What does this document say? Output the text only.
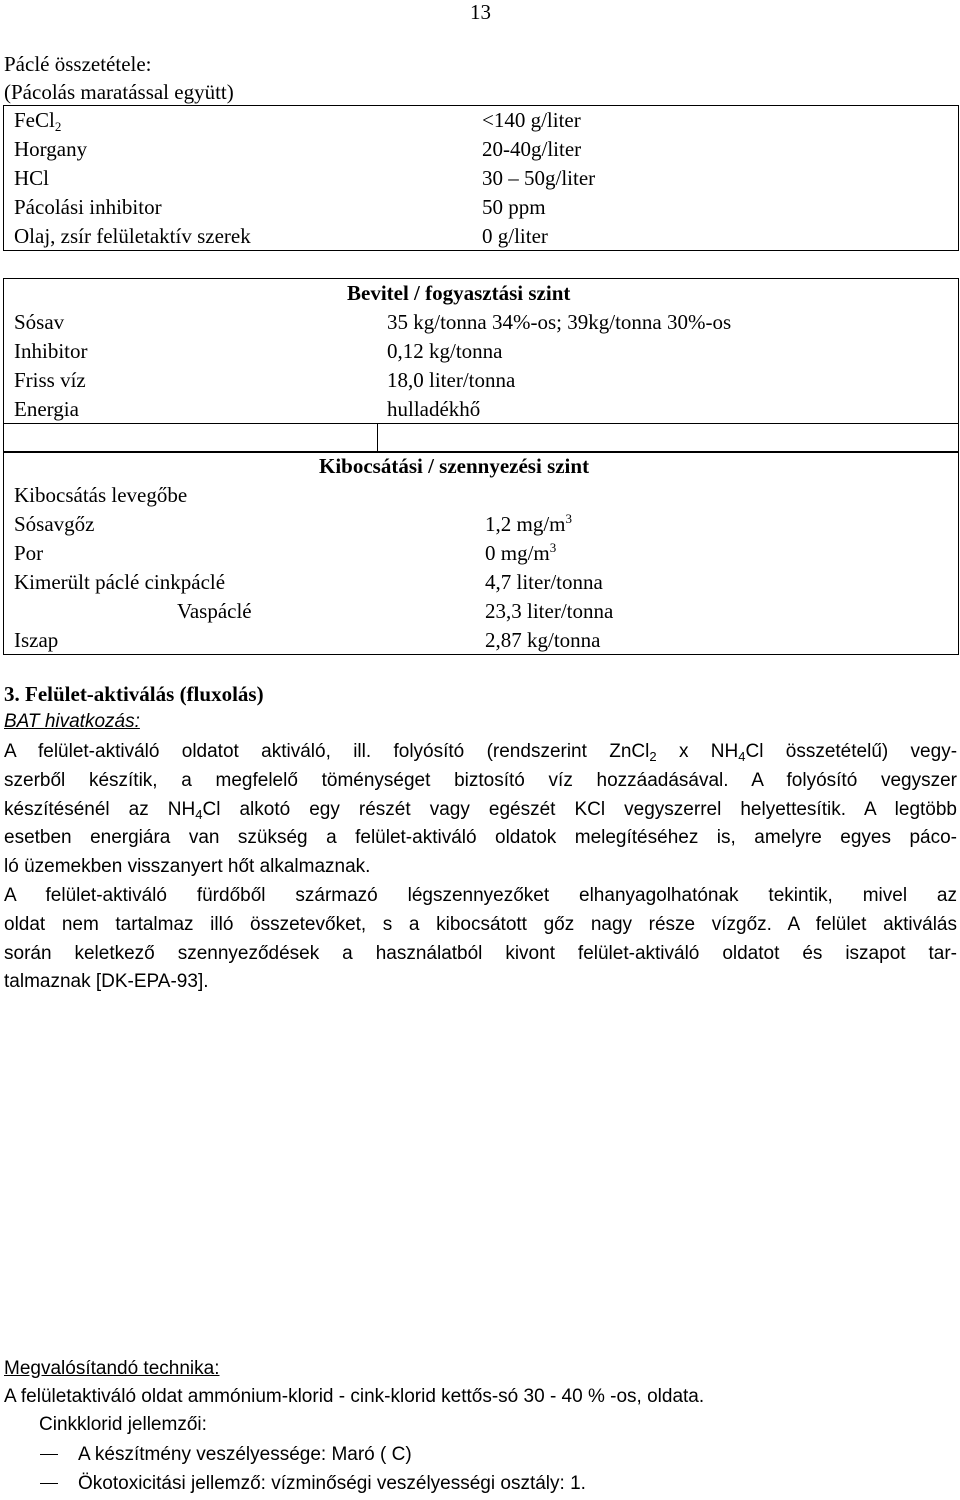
13
Páclé összetétele:
(Pácolás maratással együtt)
FeCl$_2$	<140 g/liter
Horgany	20-40g/liter
HCl	30 – 50g/liter
Pácolási inhibitor	50 ppm
Olaj, zsír felületaktív szerek	0 g/liter
	Bevitel / fogyasztási szint
Sósav	35 kg/tonna 34%-os; 39kg/tonna 30%-os
Inhibitor	0,12 kg/tonna
Friss víz	18,0 liter/tonna
Energia	hulladékhő

	Kibocsátási / szennyezési szint
Kibocsátás levegőbe	
Sósavgőz	1,2 $mg/m^3$
Por	0 $mg/m^3$
Kimerült páclé cinkpáclé	4,7 liter/tonna
Vaspáclé	23,3 liter/tonna
Iszap	2,87 kg/tonna
3. Felület-aktiválás (fluxolás)
BAT hivatkozás:
A felület-aktiváló oldatot aktiváló, ill. folyósító (rendszerint ZnCl$_2$ x $NH_4Cl$ összetételű) vegy-
szerből készítik, a megfelelő töménységet biztosító víz hozzáadásával. A folyósító vegyszer
készítésénél az $NH_4Cl$ alkotó egy részét vagy egészét KCl vegyszerrel helyettesítik. A legtöbb
esetben energiára van szükség a felület-aktiváló oldatok melegítéséhez is, amelyre egyes páco-
ló üzemekben visszanyert hőt alkalmaznak.
A felület-aktiváló fürdőből származó légszennyezőket elhanyagolhatónak tekintik, mivel az
oldat nem tartalmaz illó összetevőket, s a kibocsátott gőz nagy része vízgőz. A felület aktiválás
során keletkező szennyeződések a használatból kivont felület-aktiváló oldatot és iszapot tar-
talmaznak [DK-EPA-93].
Megvalósítandó technika:
A felületaktiváló oldat ammónium-klorid - cink-klorid kettős-só 30 - 40 % -os, oldata.
Cinkklorid jellemzői:
A készítmény veszélyessége: Maró ( C)
Ökotoxicitási jellemző: vízminőségi veszélyességi osztály: 1.
